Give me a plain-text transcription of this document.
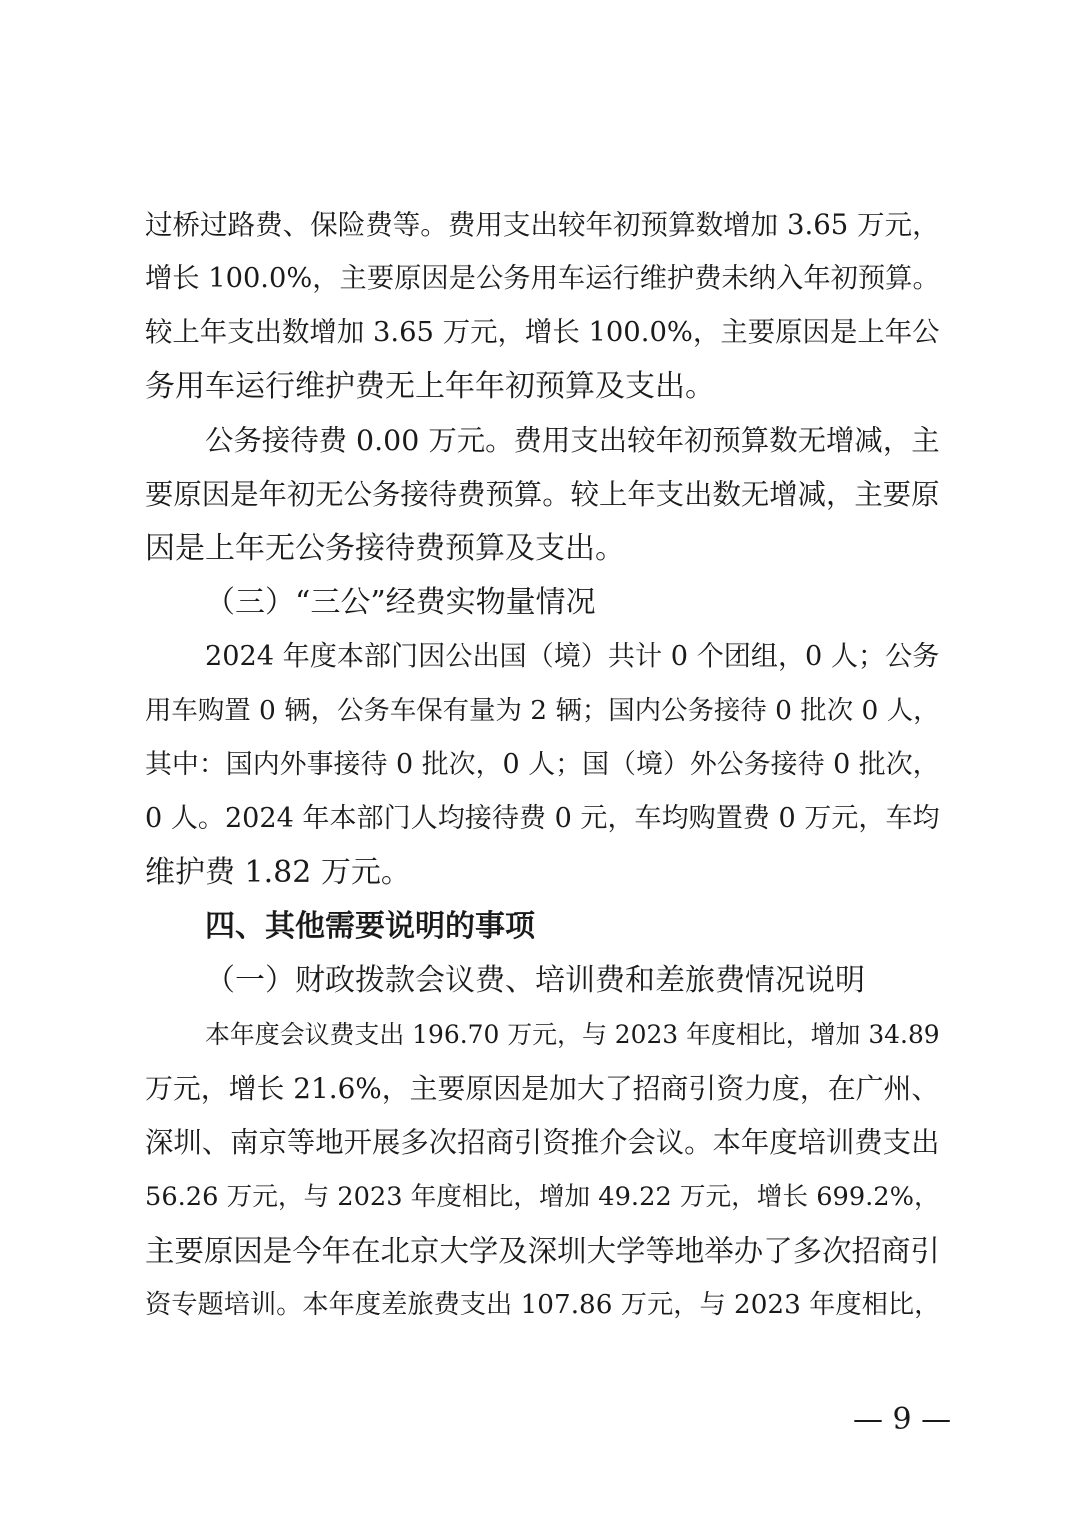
过桥过路费、保险费等。费用支出较年初预算数增加 3.65 万元，
增长 100.0%，主要原因是公务用车运行维护费未纳入年初预算。
较上年支出数增加 3.65 万元，增长 100.0%，主要原因是上年公
务用车运行维护费无上年年初预算及支出。
公务接待费 0.00 万元。费用支出较年初预算数无增减，主
要原因是年初无公务接待费预算。较上年支出数无增减，主要原
因是上年无公务接待费预算及支出。
（三）“三公”经费实物量情况
2024 年度本部门因公出国（境）共计 0 个团组，0 人；公务
用车购置 0 辆，公务车保有量为 2 辆；国内公务接待 0 批次 0 人，
其中：国内外事接待 0 批次，0 人；国（境）外公务接待 0 批次，
0 人。2024 年本部门人均接待费 0 元，车均购置费 0 万元，车均
维护费 1.82 万元。
四、其他需要说明的事项
（一）财政拨款会议费、培训费和差旅费情况说明
本年度会议费支出 196.70 万元，与 2023 年度相比，增加 34.89
万元，增长 21.6%，主要原因是加大了招商引资力度，在广州、
深圳、南京等地开展多次招商引资推介会议。本年度培训费支出
56.26 万元，与 2023 年度相比，增加 49.22 万元，增长 699.2%，
主要原因是今年在北京大学及深圳大学等地举办了多次招商引
资专题培训。本年度差旅费支出 107.86 万元，与 2023 年度相比，
— 9 —
